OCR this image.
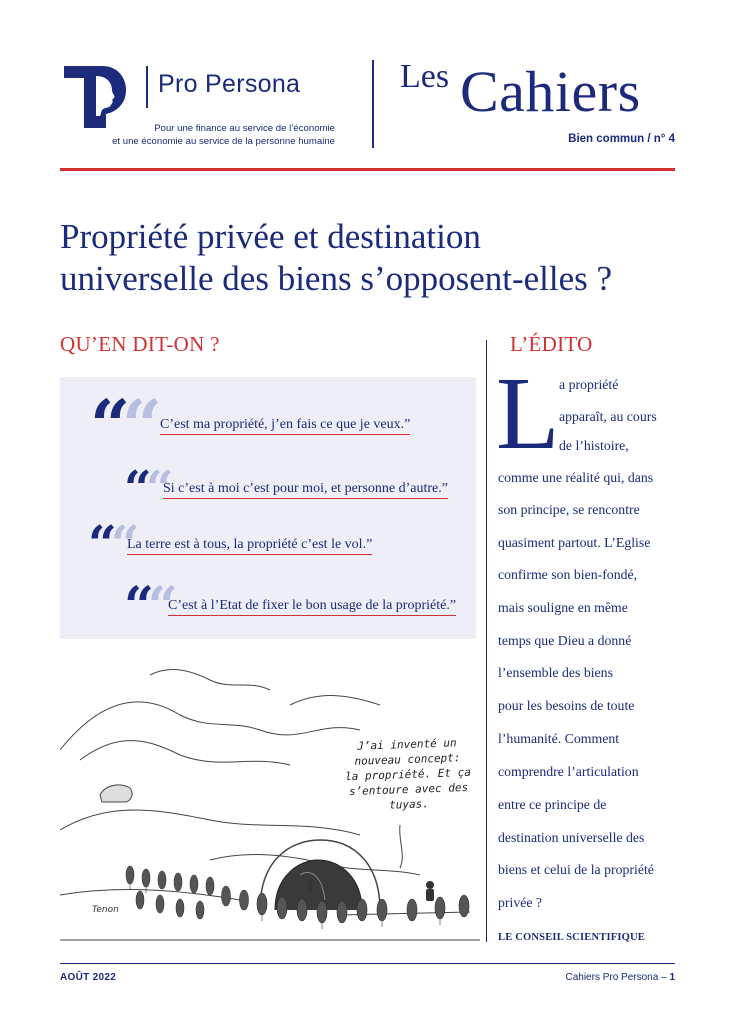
Pro Persona
Pour une finance au service de l’économie
et une économie au service de la personne humaine
Les Cahiers
Bien commun / n° 4
Propriété privée et destination
universelle des biens s’opposent-elles ?
QU’EN DIT-ON ?
““
C’est ma propriété, j’en fais ce que je veux.”
““
Si c’est à moi c’est pour moi, et personne d’autre.”
““
La terre est à tous, la propriété c’est le vol.”
““
C’est à l’Etat de fixer le bon usage de la propriété.”
J’ai inventé un
nouveau concept:
la propriété. Et ça
s’entoure avec des
tuyas.
Tenon
L’ÉDITO
L a propriété
apparaît, au cours
de l’histoire,
comme une réalité qui, dans
son principe, se rencontre
quasiment partout. L’Eglise
confirme son bien-fondé,
mais souligne en même
temps que Dieu a donné
l’ensemble des biens
pour les besoins de toute
l’humanité. Comment
comprendre l’articulation
entre ce principe de
destination universelle des
biens et celui de la propriété
privée ?
LE CONSEIL SCIENTIFIQUE
AOÛT 2022	Cahiers Pro Persona – 1
